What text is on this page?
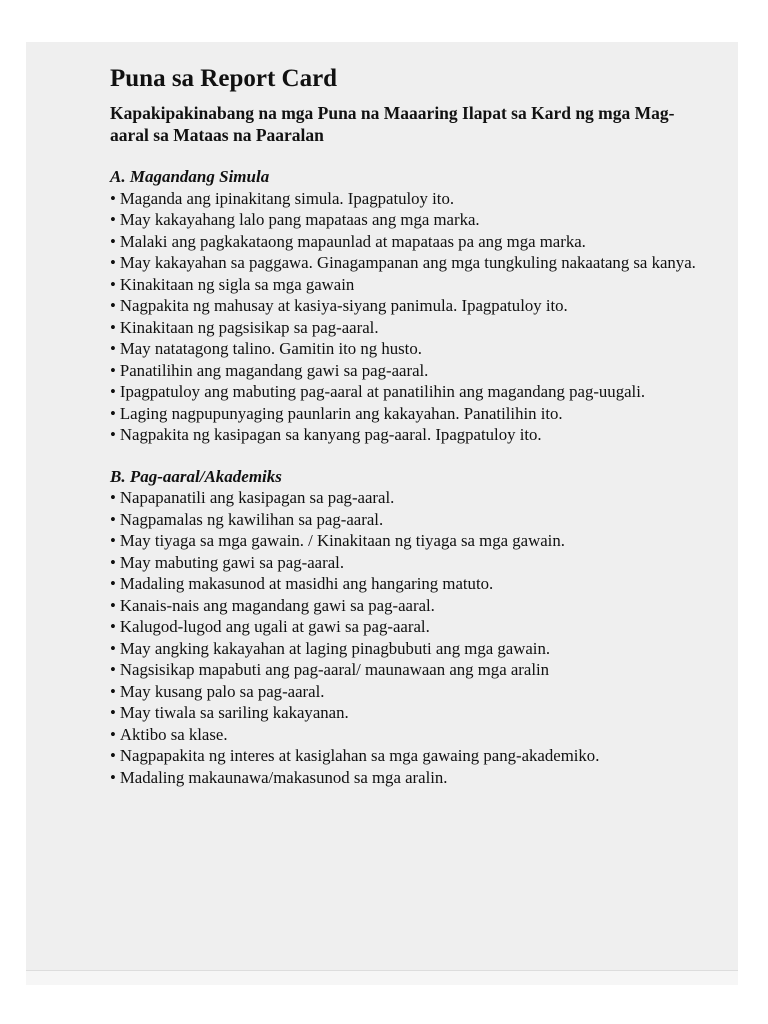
Puna sa Report Card
Kapakipakinabang na mga Puna na Maaaring Ilapat sa Kard ng mga Mag-aaral sa Mataas na Paaralan
A. Magandang Simula
• Maganda ang ipinakitang simula. Ipagpatuloy ito.
• May kakayahang lalo pang mapataas ang mga marka.
• Malaki ang pagkakataong mapaunlad at mapataas pa ang mga marka.
• May kakayahan sa paggawa. Ginagampanan ang mga tungkuling nakaatang sa kanya.
• Kinakitaan ng sigla sa mga gawain
• Nagpakita ng mahusay at kasiya-siyang panimula. Ipagpatuloy ito.
• Kinakitaan ng pagsisikap sa pag-aaral.
• May natatagong talino. Gamitin ito ng husto.
• Panatilihin ang magandang gawi sa pag-aaral.
• Ipagpatuloy ang mabuting pag-aaral at panatilihin ang magandang pag-uugali.
• Laging nagpupunyaging paunlarin ang kakayahan. Panatilihin ito.
• Nagpakita ng kasipagan sa kanyang pag-aaral. Ipagpatuloy ito.
B. Pag-aaral/Akademiks
• Napapanatili ang kasipagan sa pag-aaral.
• Nagpamalas ng kawilihan sa pag-aaral.
• May tiyaga sa mga gawain. / Kinakitaan ng tiyaga sa mga gawain.
• May mabuting gawi sa pag-aaral.
• Madaling makasunod at masidhi ang hangaring matuto.
• Kanais-nais ang magandang gawi sa pag-aaral.
• Kalugod-lugod ang ugali at gawi sa pag-aaral.
• May angking kakayahan at laging pinagbubuti ang mga gawain.
• Nagsisikap mapabuti ang pag-aaral/ maunawaan ang mga aralin
• May kusang palo sa pag-aaral.
• May tiwala sa sariling kakayanan.
• Aktibo sa klase.
• Nagpapakita ng interes at kasiglahan sa mga gawaing pang-akademiko.
• Madaling makaunawa/makasunod sa mga aralin.
